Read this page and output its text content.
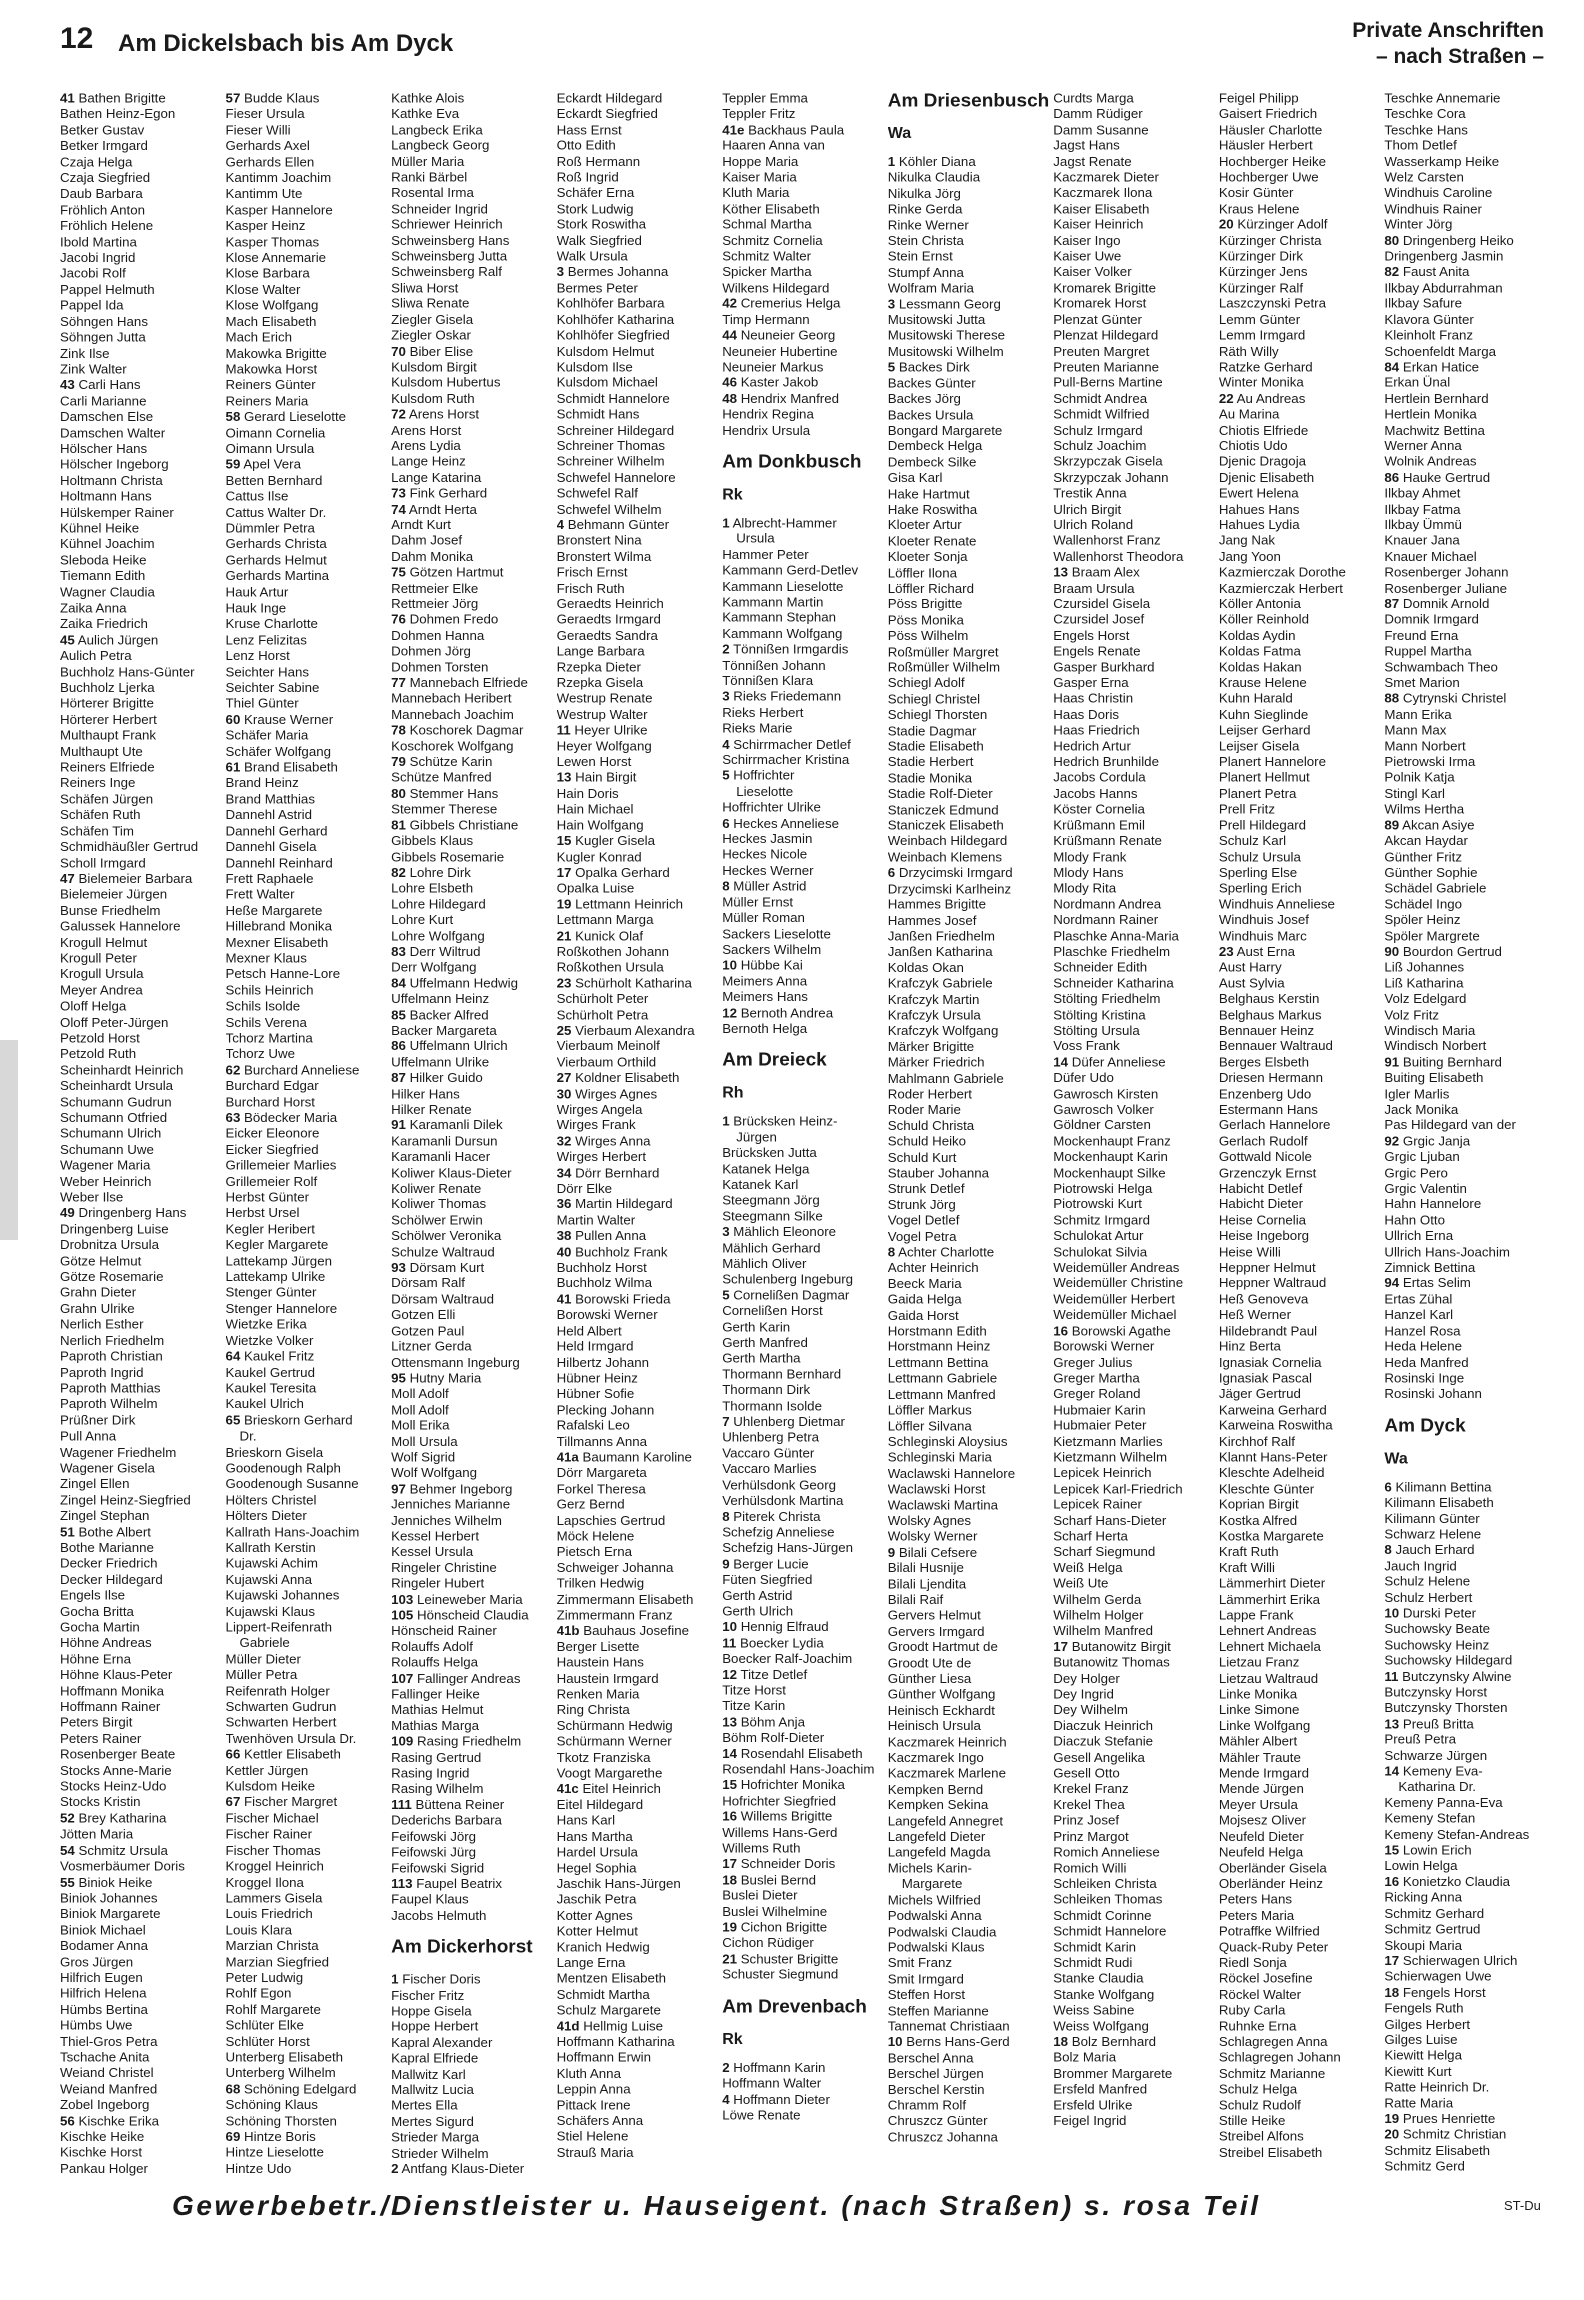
12 Am Dickelsbach bis Am Dyck	Private Anschriften
– nach Straßen –
41 Bathen Brigitte
Bathen Heinz-Egon
Betker Gustav
Betker Irmgard
Czaja Helga
Czaja Siegfried
Daub Barbara
Fröhlich Anton
Fröhlich Helene
Ibold Martina
Jacobi Ingrid
Jacobi Rolf
Pappel Helmuth
Pappel Ida
Söhngen Hans
Söhngen Jutta
Zink Ilse
Zink Walter
43 Carli Hans
Carli Marianne
Damschen Else
Damschen Walter
Hölscher Hans
Hölscher Ingeborg
Holtmann Christa
Holtmann Hans
Hülskemper Rainer
Kühnel Heike
Kühnel Joachim
Sleboda Heike
Tiemann Edith
Wagner Claudia
Zaika Anna
Zaika Friedrich
45 Aulich Jürgen
Aulich Petra
Buchholz Hans-Günter
Buchholz Ljerka
Hörterer Brigitte
Hörterer Herbert
Multhaupt Frank
Multhaupt Ute
Reiners Elfriede
Reiners Inge
Schäfen Jürgen
Schäfen Ruth
Schäfen Tim
Schmidhäußler Gertrud
Scholl Irmgard
47 Bielemeier Barbara
Bielemeier Jürgen
Bunse Friedhelm
Galussek Hannelore
Krogull Helmut
Krogull Peter
Krogull Ursula
Meyer Andrea
Oloff Helga
Oloff Peter-Jürgen
Petzold Horst
Petzold Ruth
Scheinhardt Heinrich
Scheinhardt Ursula
Schumann Gudrun
Schumann Otfried
Schumann Ulrich
Schumann Uwe
Wagener Maria
Weber Heinrich
Weber Ilse
49 Dringenberg Hans
Dringenberg Luise
Drobnitza Ursula
Götze Helmut
Götze Rosemarie
Grahn Dieter
Grahn Ulrike
Nerlich Esther
Nerlich Friedhelm
Paproth Christian
Paproth Ingrid
Paproth Matthias
Paproth Wilhelm
Prüßner Dirk
Pull Anna
Wagener Friedhelm
Wagener Gisela
Zingel Ellen
Zingel Heinz-Siegfried
Zingel Stephan
51 Bothe Albert
Bothe Marianne
Decker Friedrich
Decker Hildegard
Engels Ilse
Gocha Britta
Gocha Martin
Höhne Andreas
Höhne Erna
Höhne Klaus-Peter
Hoffmann Monika
Hoffmann Rainer
Peters Birgit
Peters Rainer
Rosenberger Beate
Stocks Anne-Marie
Stocks Heinz-Udo
Stocks Kristin
52 Brey Katharina
Jötten Maria
54 Schmitz Ursula
Vosmerbäumer Doris
55 Biniok Heike
Biniok Johannes
Biniok Margarete
Biniok Michael
Bodamer Anna
Gros Jürgen
Hilfrich Eugen
Hilfrich Helena
Hümbs Bertina
Hümbs Uwe
Thiel-Gros Petra
Tschache Anita
Weiand Christel
Weiand Manfred
Zobel Ingeborg
56 Kischke Erika
Kischke Heike
Kischke Horst
Pankau Holger
57 Budde Klaus
Fieser Ursula
Fieser Willi
Gerhards Axel
Gerhards Ellen
Kantimm Joachim
Kantimm Ute
Kasper Hannelore
Kasper Heinz
Kasper Thomas
Klose Annemarie
Klose Barbara
Klose Walter
Klose Wolfgang
Mach Elisabeth
Mach Erich
Makowka Brigitte
Makowka Horst
Reiners Günter
Reiners Maria
58 Gerard Lieselotte
Oimann Cornelia
Oimann Ursula
59 Apel Vera
Betten Bernhard
Cattus Ilse
Cattus Walter Dr.
Dümmler Petra
Gerhards Christa
Gerhards Helmut
Gerhards Martina
Hauk Artur
Hauk Inge
Kruse Charlotte
Lenz Felizitas
Lenz Horst
Seichter Hans
Seichter Sabine
Thiel Günter
60 Krause Werner
Schäfer Maria
Schäfer Wolfgang
61 Brand Elisabeth
Brand Heinz
Brand Matthias
Dannehl Astrid
Dannehl Gerhard
Dannehl Gisela
Dannehl Reinhard
Frett Raphaele
Frett Walter
Heße Margarete
Hillebrand Monika
Mexner Elisabeth
Mexner Klaus
Petsch Hanne-Lore
Schils Heinrich
Schils Isolde
Schils Verena
Tchorz Martina
Tchorz Uwe
62 Burchard Anneliese
Burchard Edgar
Burchard Horst
63 Bödecker Maria
Eicker Eleonore
Eicker Siegfried
Grillemeier Marlies
Grillemeier Rolf
Herbst Günter
Herbst Ursel
Kegler Heribert
Kegler Margarete
Lattekamp Jürgen
Lattekamp Ulrike
Stenger Günter
Stenger Hannelore
Wietzke Erika
Wietzke Volker
64 Kaukel Fritz
Kaukel Gertrud
Kaukel Teresita
Kaukel Ulrich
65 Brieskorn Gerhard
Dr.
Brieskorn Gisela
Goodenough Ralph
Goodenough Susanne
Hölters Christel
Hölters Dieter
Kallrath Hans-Joachim
Kallrath Kerstin
Kujawski Achim
Kujawski Anna
Kujawski Johannes
Kujawski Klaus
Lippert-Reifenrath
Gabriele
Müller Dieter
Müller Petra
Reifenrath Holger
Schwarten Gudrun
Schwarten Herbert
Twenhöven Ursula Dr.
66 Kettler Elisabeth
Kettler Jürgen
Kulsdom Heike
67 Fischer Margret
Fischer Michael
Fischer Rainer
Fischer Thomas
Kroggel Heinrich
Kroggel Ilona
Lammers Gisela
Louis Friedrich
Louis Klara
Marzian Christa
Marzian Siegfried
Peter Ludwig
Rohlf Egon
Rohlf Margarete
Schlüter Elke
Schlüter Horst
Unterberg Elisabeth
Unterberg Wilhelm
68 Schöning Edelgard
Schöning Klaus
Schöning Thorsten
69 Hintze Boris
Hintze Lieselotte
Hintze Udo
Kathke Alois
Kathke Eva
Langbeck Erika
Langbeck Georg
Müller Maria
Ranki Bärbel
Rosental Irma
Schneider Ingrid
Schriewer Heinrich
Schweinsberg Hans
Schweinsberg Jutta
Schweinsberg Ralf
Sliwa Horst
Sliwa Renate
Ziegler Gisela
Ziegler Oskar
70 Biber Elise
Kulsdom Birgit
Kulsdom Hubertus
Kulsdom Ruth
72 Arens Horst
Arens Horst
Arens Lydia
Lange Heinz
Lange Katarina
73 Fink Gerhard
74 Arndt Herta
Arndt Kurt
Dahm Josef
Dahm Monika
75 Götzen Hartmut
Rettmeier Elke
Rettmeier Jörg
76 Dohmen Fredo
Dohmen Hanna
Dohmen Jörg
Dohmen Torsten
77 Mannebach Elfriede
Mannebach Heribert
Mannebach Joachim
78 Koschorek Dagmar
Koschorek Wolfgang
79 Schütze Karin
Schütze Manfred
80 Stemmer Hans
Stemmer Therese
81 Gibbels Christiane
Gibbels Klaus
Gibbels Rosemarie
82 Lohre Dirk
Lohre Elsbeth
Lohre Hildegard
Lohre Kurt
Lohre Wolfgang
83 Derr Wiltrud
Derr Wolfgang
84 Uffelmann Hedwig
Uffelmann Heinz
85 Backer Alfred
Backer Margareta
86 Uffelmann Ulrich
Uffelmann Ulrike
87 Hilker Guido
Hilker Hans
Hilker Renate
91 Karamanli Dilek
Karamanli Dursun
Karamanli Hacer
Koliwer Klaus-Dieter
Koliwer Renate
Koliwer Thomas
Schölwer Erwin
Schölwer Veronika
Schulze Waltraud
93 Dörsam Kurt
Dörsam Ralf
Dörsam Waltraud
Gotzen Elli
Gotzen Paul
Litzner Gerda
Ottensmann Ingeburg
95 Hutny Maria
Moll Adolf
Moll Adolf
Moll Erika
Moll Ursula
Wolf Sigrid
Wolf Wolfgang
97 Behmer Ingeborg
Jenniches Marianne
Jenniches Wilhelm
Kessel Herbert
Kessel Ursula
Ringeler Christine
Ringeler Hubert
103 Leineweber Maria
105 Hönscheid Claudia
Hönscheid Rainer
Rolauffs Adolf
Rolauffs Helga
107 Fallinger Andreas
Fallinger Heike
Mathias Helmut
Mathias Marga
109 Rasing Friedhelm
Rasing Gertrud
Rasing Ingrid
Rasing Wilhelm
111 Büttena Reiner
Dederichs Barbara
Feifowski Jörg
Feifowski Jürg
Feifowski Sigrid
113 Faupel Beatrix
Faupel Klaus
Jacobs Helmuth
Am Dickerhorst
1 Fischer Doris
Fischer Fritz
Hoppe Gisela
Hoppe Herbert
Kapral Alexander
Kapral Elfriede
Mallwitz Karl
Mallwitz Lucia
Mertes Ella
Mertes Sigurd
Strieder Marga
Strieder Wilhelm
2 Antfang Klaus-Dieter
Eckardt Hildegard
Eckardt Siegfried
Hass Ernst
Otto Edith
Roß Hermann
Roß Ingrid
Schäfer Erna
Stork Ludwig
Stork Roswitha
Walk Siegfried
Walk Ursula
3 Bermes Johanna
Bermes Peter
Kohlhöfer Barbara
Kohlhöfer Katharina
Kohlhöfer Siegfried
Kulsdom Helmut
Kulsdom Ilse
Kulsdom Michael
Schmidt Hannelore
Schmidt Hans
Schreiner Hildegard
Schreiner Thomas
Schreiner Wilhelm
Schwefel Hannelore
Schwefel Ralf
Schwefel Wilhelm
4 Behmann Günter
Bronstert Nina
Bronstert Wilma
Frisch Ernst
Frisch Ruth
Geraedts Heinrich
Geraedts Irmgard
Geraedts Sandra
Lange Barbara
Rzepka Dieter
Rzepka Gisela
Westrup Renate
Westrup Walter
11 Heyer Ulrike
Heyer Wolfgang
Lewen Horst
13 Hain Birgit
Hain Doris
Hain Michael
Hain Wolfgang
15 Kugler Gisela
Kugler Konrad
17 Opalka Gerhard
Opalka Luise
19 Lettmann Heinrich
Lettmann Marga
21 Kunick Olaf
Roßkothen Johann
Roßkothen Ursula
23 Schürholt Katharina
Schürholt Peter
Schürholt Petra
25 Vierbaum Alexandra
Vierbaum Meinolf
Vierbaum Orthild
27 Koldner Elisabeth
30 Wirges Agnes
Wirges Angela
Wirges Frank
32 Wirges Anna
Wirges Herbert
34 Dörr Bernhard
Dörr Elke
36 Martin Hildegard
Martin Walter
38 Pullen Anna
40 Buchholz Frank
Buchholz Horst
Buchholz Wilma
41 Borowski Frieda
Borowski Werner
Held Albert
Held Irmgard
Hilbertz Johann
Hübner Heinz
Hübner Sofie
Plecking Johann
Rafalski Leo
Tillmanns Anna
41a Baumann Karoline
Dörr Margareta
Forkel Theresa
Gerz Bernd
Lapschies Gertrud
Möck Helene
Pietsch Erna
Schweiger Johanna
Trilken Hedwig
Zimmermann Elisabeth
Zimmermann Franz
41b Bauhaus Josefine
Berger Lisette
Haustein Hans
Haustein Irmgard
Renken Maria
Ring Christa
Schürmann Hedwig
Schürmann Werner
Tkotz Franziska
Voogt Margarethe
41c Eitel Heinrich
Eitel Hildegard
Hans Karl
Hans Martha
Hardel Ursula
Hegel Sophia
Jaschik Hans-Jürgen
Jaschik Petra
Kotter Agnes
Kotter Helmut
Kranich Hedwig
Lange Erna
Mentzen Elisabeth
Schmidt Martha
Schulz Margarete
41d Hellmig Luise
Hoffmann Katharina
Hoffmann Erwin
Kluth Anna
Leppin Anna
Pittack Irene
Schäfers Anna
Stiel Helene
Strauß Maria
Teppler Emma
Teppler Fritz
41e Backhaus Paula
Haaren Anna van
Hoppe Maria
Kaiser Maria
Kluth Maria
Köther Elisabeth
Schmal Martha
Schmitz Cornelia
Schmitz Walter
Spicker Martha
Wilkens Hildegard
42 Cremerius Helga
Timp Hermann
44 Neuneier Georg
Neuneier Hubertine
Neuneier Markus
46 Kaster Jakob
48 Hendrix Manfred
Hendrix Regina
Hendrix Ursula
Am Donkbusch
Rk
1 Albrecht-Hammer
Ursula
Hammer Peter
Kammann Gerd-Detlev
Kammann Lieselotte
Kammann Martin
Kammann Stephan
Kammann Wolfgang
2 Tönnißen Irmgardis
Tönnißen Johann
Tönnißen Klara
3 Rieks Friedemann
Rieks Herbert
Rieks Marie
4 Schirrmacher Detlef
Schirrmacher Kristina
5 Hoffrichter
Lieselotte
Hoffrichter Ulrike
6 Heckes Anneliese
Heckes Jasmin
Heckes Nicole
Heckes Werner
8 Müller Astrid
Müller Ernst
Müller Roman
Sackers Lieselotte
Sackers Wilhelm
10 Hübbe Kai
Meimers Anna
Meimers Hans
12 Bernoth Andrea
Bernoth Helga
Am Dreieck
Rh
1 Brücksken Heinz-
Jürgen
Brücksken Jutta
Katanek Helga
Katanek Karl
Steegmann Jörg
Steegmann Silke
3 Mählich Eleonore
Mählich Gerhard
Mählich Oliver
Schulenberg Ingeburg
5 Cornelißen Dagmar
Cornelißen Horst
Gerth Karin
Gerth Manfred
Gerth Martha
Thormann Bernhard
Thormann Dirk
Thormann Isolde
7 Uhlenberg Dietmar
Uhlenberg Petra
Vaccaro Günter
Vaccaro Marlies
Verhülsdonk Georg
Verhülsdonk Martina
8 Piterek Christa
Schefzig Anneliese
Schefzig Hans-Jürgen
9 Berger Lucie
Füten Siegfried
Gerth Astrid
Gerth Ulrich
10 Hennig Elfraud
11 Boecker Lydia
Boecker Ralf-Joachim
12 Titze Detlef
Titze Horst
Titze Karin
13 Böhm Anja
Böhm Rolf-Dieter
14 Rosendahl Elisabeth
Rosendahl Hans-Joachim
15 Hofrichter Monika
Hofrichter Siegfried
16 Willems Brigitte
Willems Hans-Gerd
Willems Ruth
17 Schneider Doris
18 Buslei Bernd
Buslei Dieter
Buslei Wilhelmine
19 Cichon Brigitte
Cichon Rüdiger
21 Schuster Brigitte
Schuster Siegmund
Am Drevenbach
Rk
2 Hoffmann Karin
Hoffmann Walter
4 Hoffmann Dieter
Löwe Renate
Am Driesenbusch
Wa
1 Köhler Diana
Nikulka Claudia
Nikulka Jörg
Rinke Gerda
Rinke Werner
Stein Christa
Stein Ernst
Stumpf Anna
Wolfram Maria
3 Lessmann Georg
Musitowski Jutta
Musitowski Therese
Musitowski Wilhelm
5 Backes Dirk
Backes Günter
Backes Jörg
Backes Ursula
Bongard Margarete
Dembeck Helga
Dembeck Silke
Gisa Karl
Hake Hartmut
Hake Roswitha
Kloeter Artur
Kloeter Renate
Kloeter Sonja
Löffler Ilona
Löffler Richard
Pöss Brigitte
Pöss Monika
Pöss Wilhelm
Roßmüller Margret
Roßmüller Wilhelm
Schiegl Adolf
Schiegl Christel
Schiegl Thorsten
Stadie Dagmar
Stadie Elisabeth
Stadie Herbert
Stadie Monika
Stadie Rolf-Dieter
Staniczek Edmund
Staniczek Elisabeth
Weinbach Hildegard
Weinbach Klemens
6 Drzycimski Irmgard
Drzycimski Karlheinz
Hammes Brigitte
Hammes Josef
Janßen Friedhelm
Janßen Katharina
Koldas Okan
Krafczyk Gabriele
Krafczyk Martin
Krafczyk Ursula
Krafczyk Wolfgang
Märker Brigitte
Märker Friedrich
Mahlmann Gabriele
Roder Herbert
Roder Marie
Schuld Christa
Schuld Heiko
Schuld Kurt
Stauber Johanna
Strunk Detlef
Strunk Jörg
Vogel Detlef
Vogel Petra
8 Achter Charlotte
Achter Heinrich
Beeck Maria
Gaida Helga
Gaida Horst
Horstmann Edith
Horstmann Heinz
Lettmann Bettina
Lettmann Gabriele
Lettmann Manfred
Löffler Markus
Löffler Silvana
Schleginski Aloysius
Schleginski Maria
Waclawski Hannelore
Waclawski Horst
Waclawski Martina
Wolsky Agnes
Wolsky Werner
9 Bilali Cefsere
Bilali Husnije
Bilali Ljendita
Bilali Raif
Gervers Helmut
Gervers Irmgard
Groodt Hartmut de
Groodt Ute de
Günther Liesa
Günther Wolfgang
Heinisch Eckhardt
Heinisch Ursula
Kaczmarek Heinrich
Kaczmarek Ingo
Kaczmarek Marlene
Kempken Bernd
Kempken Sekina
Langefeld Annegret
Langefeld Dieter
Langefeld Magda
Michels Karin-
Margarete
Michels Wilfried
Podwalski Anna
Podwalski Claudia
Podwalski Klaus
Smit Franz
Smit Irmgard
Steffen Horst
Steffen Marianne
Tannemat Christiaan
10 Berns Hans-Gerd
Berschel Anna
Berschel Jürgen
Berschel Kerstin
Chramm Rolf
Chruszcz Günter
Chruszcz Johanna
Curdts Marga
Damm Rüdiger
Damm Susanne
Jagst Hans
Jagst Renate
Kaczmarek Dieter
Kaczmarek Ilona
Kaiser Elisabeth
Kaiser Heinrich
Kaiser Ingo
Kaiser Uwe
Kaiser Volker
Kromarek Brigitte
Kromarek Horst
Plenzat Günter
Plenzat Hildegard
Preuten Margret
Preuten Marianne
Pull-Berns Martine
Schmidt Andrea
Schmidt Wilfried
Schulz Irmgard
Schulz Joachim
Skrzypczak Gisela
Skrzypczak Johann
Trestik Anna
Ulrich Birgit
Ulrich Roland
Wallenhorst Franz
Wallenhorst Theodora
13 Braam Alex
Braam Ursula
Czursidel Gisela
Czursidel Josef
Engels Horst
Engels Renate
Gasper Burkhard
Gasper Erna
Haas Christin
Haas Doris
Haas Friedrich
Hedrich Artur
Hedrich Brunhilde
Jacobs Cordula
Jacobs Hanns
Köster Cornelia
Krüßmann Emil
Krüßmann Renate
Mlody Frank
Mlody Hans
Mlody Rita
Nordmann Andrea
Nordmann Rainer
Plaschke Anna-Maria
Plaschke Friedhelm
Schneider Edith
Schneider Katharina
Stölting Friedhelm
Stölting Kristina
Stölting Ursula
Voss Frank
14 Düfer Anneliese
Düfer Udo
Gawrosch Kirsten
Gawrosch Volker
Göldner Carsten
Mockenhaupt Franz
Mockenhaupt Karin
Mockenhaupt Silke
Piotrowski Helga
Piotrowski Kurt
Schmitz Irmgard
Schulokat Artur
Schulokat Silvia
Weidemüller Andreas
Weidemüller Christine
Weidemüller Herbert
Weidemüller Michael
16 Borowski Agathe
Borowski Werner
Greger Julius
Greger Martha
Greger Roland
Hubmaier Karin
Hubmaier Peter
Kietzmann Marlies
Kietzmann Wilhelm
Lepicek Heinrich
Lepicek Karl-Friedrich
Lepicek Rainer
Scharf Hans-Dieter
Scharf Herta
Scharf Siegmund
Weiß Helga
Weiß Ute
Wilhelm Gerda
Wilhelm Holger
Wilhelm Manfred
17 Butanowitz Birgit
Butanowitz Thomas
Dey Holger
Dey Ingrid
Dey Wilhelm
Diaczuk Heinrich
Diaczuk Stefanie
Gesell Angelika
Gesell Otto
Krekel Franz
Krekel Thea
Prinz Josef
Prinz Margot
Romich Anneliese
Romich Willi
Schleiken Christa
Schleiken Thomas
Schmidt Corinne
Schmidt Hannelore
Schmidt Karin
Schmidt Rudi
Stanke Claudia
Stanke Wolfgang
Weiss Sabine
Weiss Wolfgang
18 Bolz Bernhard
Bolz Maria
Brommer Margarete
Ersfeld Manfred
Ersfeld Ulrike
Feigel Ingrid
Feigel Philipp
Gaisert Friedrich
Häusler Charlotte
Häusler Herbert
Hochberger Heike
Hochberger Uwe
Kosir Günter
Kraus Helene
20 Kürzinger Adolf
Kürzinger Christa
Kürzinger Dirk
Kürzinger Jens
Kürzinger Ralf
Laszczynski Petra
Lemm Günter
Lemm Irmgard
Räth Willy
Ratzke Gerhard
Winter Monika
22 Au Andreas
Au Marina
Chiotis Elfriede
Chiotis Udo
Djenic Dragoja
Djenic Elisabeth
Ewert Helena
Hahues Hans
Hahues Lydia
Jang Nak
Jang Yoon
Kazmierczak Dorothe
Kazmierczak Herbert
Köller Antonia
Köller Reinhold
Koldas Aydin
Koldas Fatma
Koldas Hakan
Krause Helene
Kuhn Harald
Kuhn Sieglinde
Leijser Gerhard
Leijser Gisela
Planert Hannelore
Planert Hellmut
Planert Petra
Prell Fritz
Prell Hildegard
Schulz Karl
Schulz Ursula
Sperling Else
Sperling Erich
Windhuis Anneliese
Windhuis Josef
Windhuis Marc
23 Aust Erna
Aust Harry
Aust Sylvia
Belghaus Kerstin
Belghaus Markus
Bennauer Heinz
Bennauer Waltraud
Berges Elsbeth
Driesen Hermann
Enzenberg Udo
Estermann Hans
Gerlach Hannelore
Gerlach Rudolf
Gottwald Nicole
Grzenczyk Ernst
Habicht Detlef
Habicht Dieter
Heise Cornelia
Heise Ingeborg
Heise Willi
Heppner Helmut
Heppner Waltraud
Heß Genoveva
Heß Werner
Hildebrandt Paul
Hinz Berta
Ignasiak Cornelia
Ignasiak Pascal
Jäger Gertrud
Karweina Gerhard
Karweina Roswitha
Kirchhof Ralf
Klannt Hans-Peter
Kleschte Adelheid
Kleschte Günter
Koprian Birgit
Kostka Alfred
Kostka Margarete
Kraft Ruth
Kraft Willi
Lämmerhirt Dieter
Lämmerhirt Erika
Lappe Frank
Lehnert Andreas
Lehnert Michaela
Lietzau Franz
Lietzau Waltraud
Linke Monika
Linke Simone
Linke Wolfgang
Mähler Albert
Mähler Traute
Mende Irmgard
Mende Jürgen
Meyer Ursula
Mojsesz Oliver
Neufeld Dieter
Neufeld Helga
Oberländer Gisela
Oberländer Heinz
Peters Hans
Peters Maria
Potraffke Wilfried
Quack-Ruby Peter
Riedl Sonja
Röckel Josefine
Röckel Walter
Ruby Carla
Ruhnke Erna
Schlagregen Anna
Schlagregen Johann
Schmitz Marianne
Schulz Helga
Schulz Rudolf
Stille Heike
Streibel Alfons
Streibel Elisabeth
Teschke Annemarie
Teschke Cora
Teschke Hans
Thom Detlef
Wasserkamp Heike
Welz Carsten
Windhuis Caroline
Windhuis Rainer
Winter Jörg
80 Dringenberg Heiko
Dringenberg Jasmin
82 Faust Anita
Ilkbay Abdurrahman
Ilkbay Safure
Klavora Günter
Kleinholt Franz
Schoenfeldt Marga
84 Erkan Hatice
Erkan Ünal
Hertlein Bernhard
Hertlein Monika
Machwitz Bettina
Werner Anna
Wolnik Andreas
86 Hauke Gertrud
Ilkbay Ahmet
Ilkbay Fatma
Ilkbay Ümmü
Knauer Jana
Knauer Michael
Rosenberger Johann
Rosenberger Juliane
87 Domnik Arnold
Domnik Irmgard
Freund Erna
Ruppel Martha
Schwambach Theo
Smet Marion
88 Cytrynski Christel
Mann Erika
Mann Max
Mann Norbert
Pietrowski Irma
Polnik Katja
Stingl Karl
Wilms Hertha
89 Akcan Asiye
Akcan Haydar
Günther Fritz
Günther Sophie
Schädel Gabriele
Schädel Ingo
Spöler Heinz
Spöler Margrete
90 Bourdon Gertrud
Liß Johannes
Liß Katharina
Volz Edelgard
Volz Fritz
Windisch Maria
Windisch Norbert
91 Buiting Bernhard
Buiting Elisabeth
Igler Marlis
Jack Monika
Pas Hildegard van der
92 Grgic Janja
Grgic Ljuban
Grgic Pero
Grgic Valentin
Hahn Hannelore
Hahn Otto
Ullrich Erna
Ullrich Hans-Joachim
Zimnick Bettina
94 Ertas Selim
Ertas Zühal
Hanzel Karl
Hanzel Rosa
Heda Helene
Heda Manfred
Rosinski Inge
Rosinski Johann
Am Dyck
Wa
6 Kilimann Bettina
Kilimann Elisabeth
Kilimann Günter
Schwarz Helene
8 Jauch Erhard
Jauch Ingrid
Schulz Helene
Schulz Herbert
10 Durski Peter
Suchowsky Beate
Suchowsky Heinz
Suchowsky Hildegard
11 Butczynsky Alwine
Butczynsky Horst
Butczynsky Thorsten
13 Preuß Britta
Preuß Petra
Schwarze Jürgen
14 Kemeny Eva-
Katharina Dr.
Kemeny Panna-Eva
Kemeny Stefan
Kemeny Stefan-Andreas
15 Lowin Erich
Lowin Helga
16 Konietzko Claudia
Ricking Anna
Schmitz Gerhard
Schmitz Gertrud
Skoupi Maria
17 Schierwagen Ulrich
Schierwagen Uwe
18 Fengels Horst
Fengels Ruth
Gilges Herbert
Gilges Luise
Kiewitt Helga
Kiewitt Kurt
Ratte Heinrich Dr.
Ratte Maria
19 Prues Henriette
20 Schmitz Christian
Schmitz Elisabeth
Schmitz Gerd
Gewerbebetr./Dienstleister u. Hauseigent. (nach Straßen) s. rosa Teil	ST-Du
